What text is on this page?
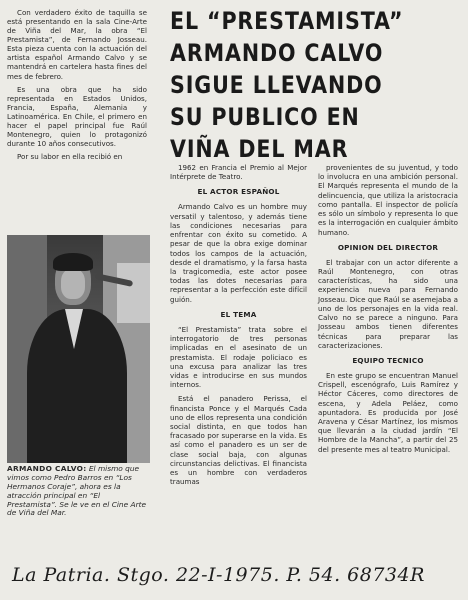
EL “PRESTAMISTA” ARMANDO CALVO SIGUE LLEVANDO SU PUBLICO EN VIÑA DEL MAR

Con verdadero éxito de taquilla se está presentando en la sala Cine-Arte de Viña del Mar, la obra “El Prestamista”, de Fernando Josseau. Esta pieza cuenta con la actuación del artista español Armando Calvo y se mantendrá en cartelera hasta fines del mes de febrero.

Es una obra que ha sido representada en Estados Unidos, Francia, España, Alemania y Latinoamérica. En Chile, el primero en hacer el papel principal fue Raúl Montenegro, quien lo protagonizó durante 10 años consecutivos.

Por su labor en ella recibió en

ARMANDO CALVO: El mismo que vimos como Pedro Barros en “Los Hermanos Coraje”, ahora es la atracción principal en “El Prestamista”. Se le ve en el Cine Arte de Viña del Mar.

1962 en Francia el Premio al Mejor Intérprete de Teatro.

EL ACTOR ESPAÑOL

Armando Calvo es un hombre muy versatil y talentoso, y además tiene las condiciones necesarias para enfrentar con éxito su cometido. A pesar de que la obra exige dominar todos los campos de la actuación, desde el dramatismo, y la farsa hasta la tragicomedia, este actor posee todas las dotes necesarias para representar a la perfección este difícil guión.

EL TEMA

“El Prestamista” trata sobre el interrogatorio de tres personas implicadas en el asesinato de un prestamista. El rodaje policiaco es una excusa para analizar las tres vidas e introducirse en sus mundos internos.

Está el panadero Perissa, el financista Ponce y el Marqués Cada uno de ellos representa una condición social distinta, en que todos han fracasado por superarse en la vida. Es así como el panadero es un ser de clase social baja, con algunas circunstancias delictivas. El financista es un hombre con verdaderos traumas

provenientes de su juventud, y todo lo involucra en una ambición personal. El Marqués representa el mundo de la delincuencia, que utiliza la aristocracia como pantalla. El inspector de policía es sólo un símbolo y representa lo que es la interrogación en cualquier ámbito humano.

OPINION DEL DIRECTOR

El trabajar con un actor diferente a Raúl Montenegro, con otras características, ha sido una experiencia nueva para Fernando Josseau. Dice que Raúl se asemejaba a uno de los personajes en la vida real. Calvo no se parece a ninguno. Para Josseau ambos tienen diferentes técnicas para preparar las caracterizaciones.

EQUIPO TECNICO

En este grupo se encuentran Manuel Crispell, escenógrafo, Luis Ramírez y Héctor Cáceres, como directores de escena, y Adela Peláez, como apuntadora. Es producida por José Aravena y César Martínez, los mismos que llevarán a la ciudad jardín “El Hombre de la Mancha”, a partir del 25 del presente mes al teatro Municipal.

La Patria. Stgo. 22-I-1975. P. 54. 68734R
